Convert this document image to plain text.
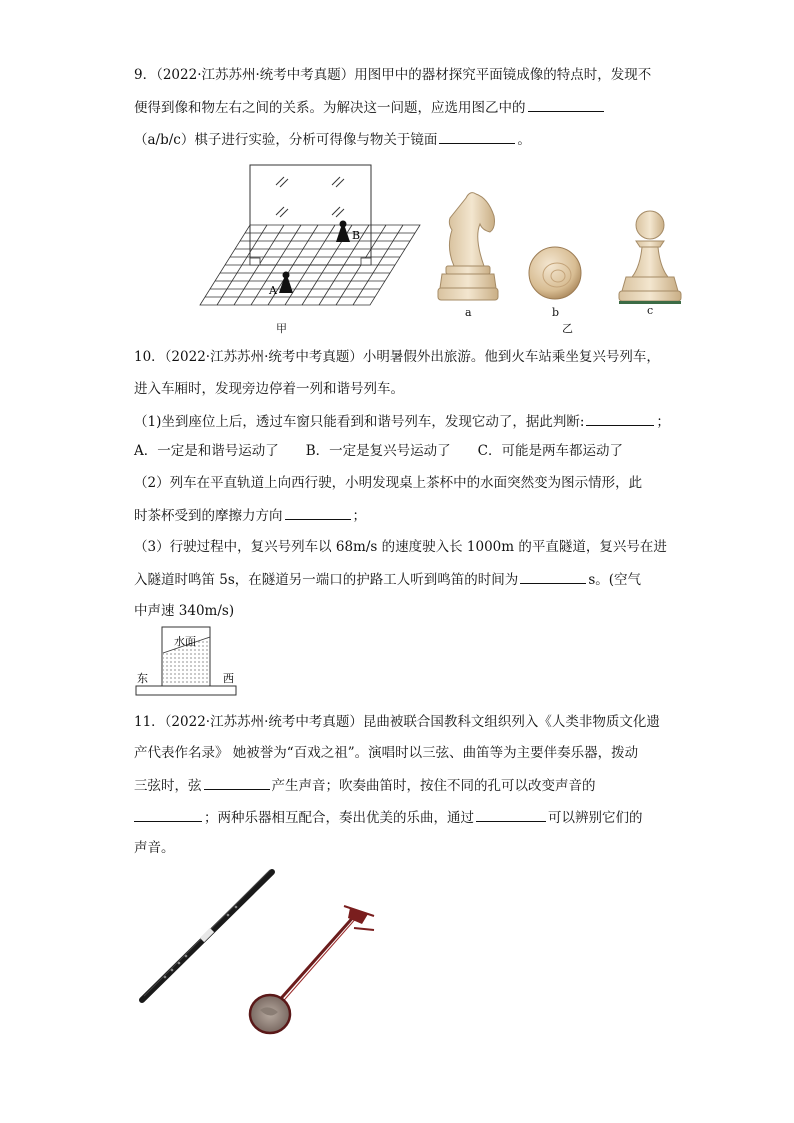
9．（2022·江苏苏州·统考中考真题）用图甲中的器材探究平面镜成像的特点时，发现不
便得到像和物左右之间的关系。为解决这一问题，应选用图乙中的
（a/b/c）棋子进行实验，分析可得像与物关于镜面	。
B
A
甲
a	b	c
乙
10．（2022·江苏苏州·统考中考真题）小明暑假外出旅游。他到火车站乘坐复兴号列车，
进入车厢时，发现旁边停着一列和谐号列车。
（1)坐到座位上后，透过车窗只能看到和谐号列车，发现它动了，据此判断:	；
A．一定是和谐号运动了　　B．一定是复兴号运动了　　C．可能是两车都运动了
（2）列车在平直轨道上向西行驶，小明发现桌上茶杯中的水面突然变为图示情形，此
时茶杯受到的摩擦力方向	；
（3）行驶过程中，复兴号列车以 68m/s 的速度驶入长 1000m 的平直隧道，复兴号在进
入隧道时鸣笛 5s，在隧道另一端口的护路工人听到鸣笛的时间为	s。(空气
中声速 340m/s)
水面
东	西
11．（2022·江苏苏州·统考中考真题）昆曲被联合国教科文组织列入《人类非物质文化遗
产代表作名录》 她被誉为“百戏之祖”。演唱时以三弦、曲笛等为主要伴奏乐器，拨动
三弦时，弦	产生声音；吹奏曲笛时，按住不同的孔可以改变声音的
；两种乐器相互配合，奏出优美的乐曲，通过	可以辨别它们的
声音。
